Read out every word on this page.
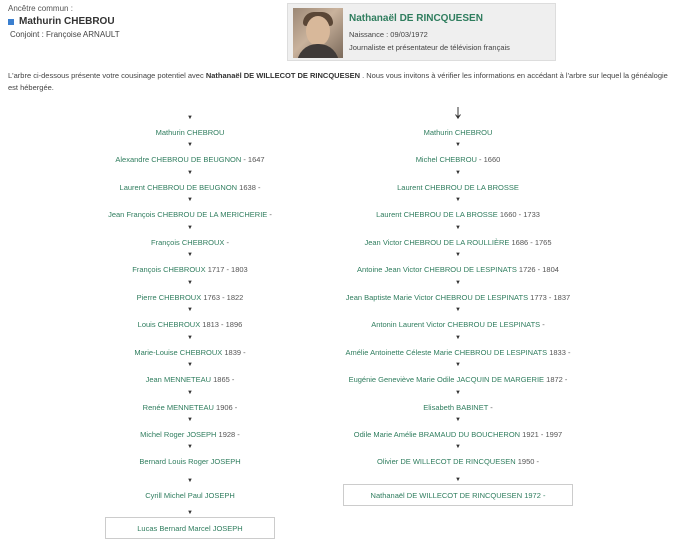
Ancêtre commun :
Mathurin CHEBROU
Conjoint : Françoise ARNAULT
Nathanaël DE RINCQUESEN
Naissance : 09/03/1972
Journaliste et présentateur de télévision français
L'arbre ci-dessous présente votre cousinage potentiel avec Nathanaël DE WILLECOT DE RINCQUESEN . Nous vous invitons à vérifier les informations en accédant à l'arbre sur lequel la généalogie est hébergée.
▼
Mathurin CHEBROU
▼
Alexandre CHEBROU DE BEUGNON - 1647
▼
Laurent CHEBROU DE BEUGNON 1638 -
▼
Jean François CHEBROU DE LA MERICHERIE -
▼
François CHEBROUX -
▼
François CHEBROUX 1717 - 1803
▼
Pierre CHEBROUX 1763 - 1822
▼
Louis CHEBROUX 1813 - 1896
▼
Marie-Louise CHEBROUX 1839 -
▼
Jean MENNETEAU 1865 -
▼
Renée MENNETEAU 1906 -
▼
Michel Roger JOSEPH 1928 -
▼
Bernard Louis Roger JOSEPH
▼
Cyrill Michel Paul JOSEPH
▼
Lucas Bernard Marcel JOSEPH
▼
Mathurin CHEBROU
▼
Michel CHEBROU - 1660
▼
Laurent CHEBROU DE LA BROSSE
▼
Laurent CHEBROU DE LA BROSSE 1660 - 1733
▼
Jean Victor CHEBROU DE LA ROULLIÈRE 1686 - 1765
▼
Antoine Jean Victor CHEBROU DE LESPINATS 1726 - 1804
▼
Jean Baptiste Marie Victor CHEBROU DE LESPINATS 1773 - 1837
▼
Antonin Laurent Victor CHEBROU DE LESPINATS -
▼
Amélie Antoinette Céleste Marie CHEBROU DE LESPINATS 1833 -
▼
Eugénie Geneviève Marie Odile JACQUIN DE MARGERIE 1872 -
▼
Elisabeth BABINET -
▼
Odile Marie Amélie BRAMAUD DU BOUCHERON 1921 - 1997
▼
Olivier DE WILLECOT DE RINCQUESEN 1950 -
▼
Nathanaël DE WILLECOT DE RINCQUESEN 1972 -
